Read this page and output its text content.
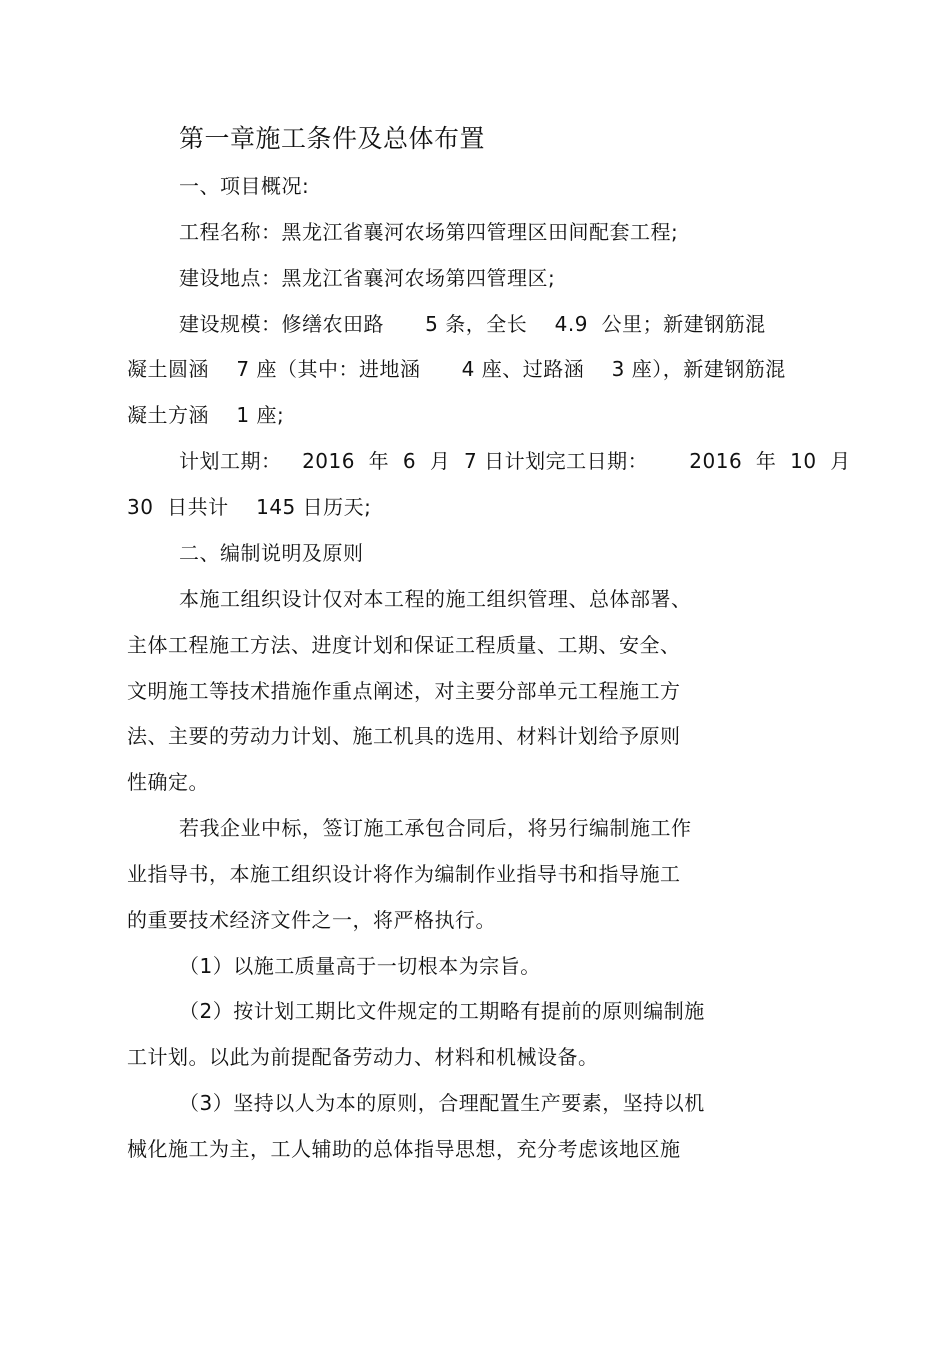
第一章施工条件及总体布置
一、项目概况:
工程名称：黑龙江省襄河农场第四管理区田间配套工程;
建设地点：黑龙江省襄河农场第四管理区;
建设规模：修缮农田路      5 条，全长    4.9  公里；新建钢筋混
凝土圆涵    7 座（其中：进地涵      4 座、过路涵    3 座），新建钢筋混
凝土方涵    1 座;
计划工期：   2016  年  6  月  7 日计划完工日期：      2016  年  10  月
30  日共计    145 日历天;
二、编制说明及原则
本施工组织设计仅对本工程的施工组织管理、总体部署、
主体工程施工方法、进度计划和保证工程质量、工期、安全、
文明施工等技术措施作重点阐述，对主要分部单元工程施工方
法、主要的劳动力计划、施工机具的选用、材料计划给予原则
性确定。
若我企业中标，签订施工承包合同后，将另行编制施工作
业指导书，本施工组织设计将作为编制作业指导书和指导施工
的重要技术经济文件之一，将严格执行。
（1）以施工质量高于一切根本为宗旨。
（2）按计划工期比文件规定的工期略有提前的原则编制施
工计划。以此为前提配备劳动力、材料和机械设备。
（3）坚持以人为本的原则，合理配置生产要素，坚持以机
械化施工为主，工人辅助的总体指导思想，充分考虑该地区施
